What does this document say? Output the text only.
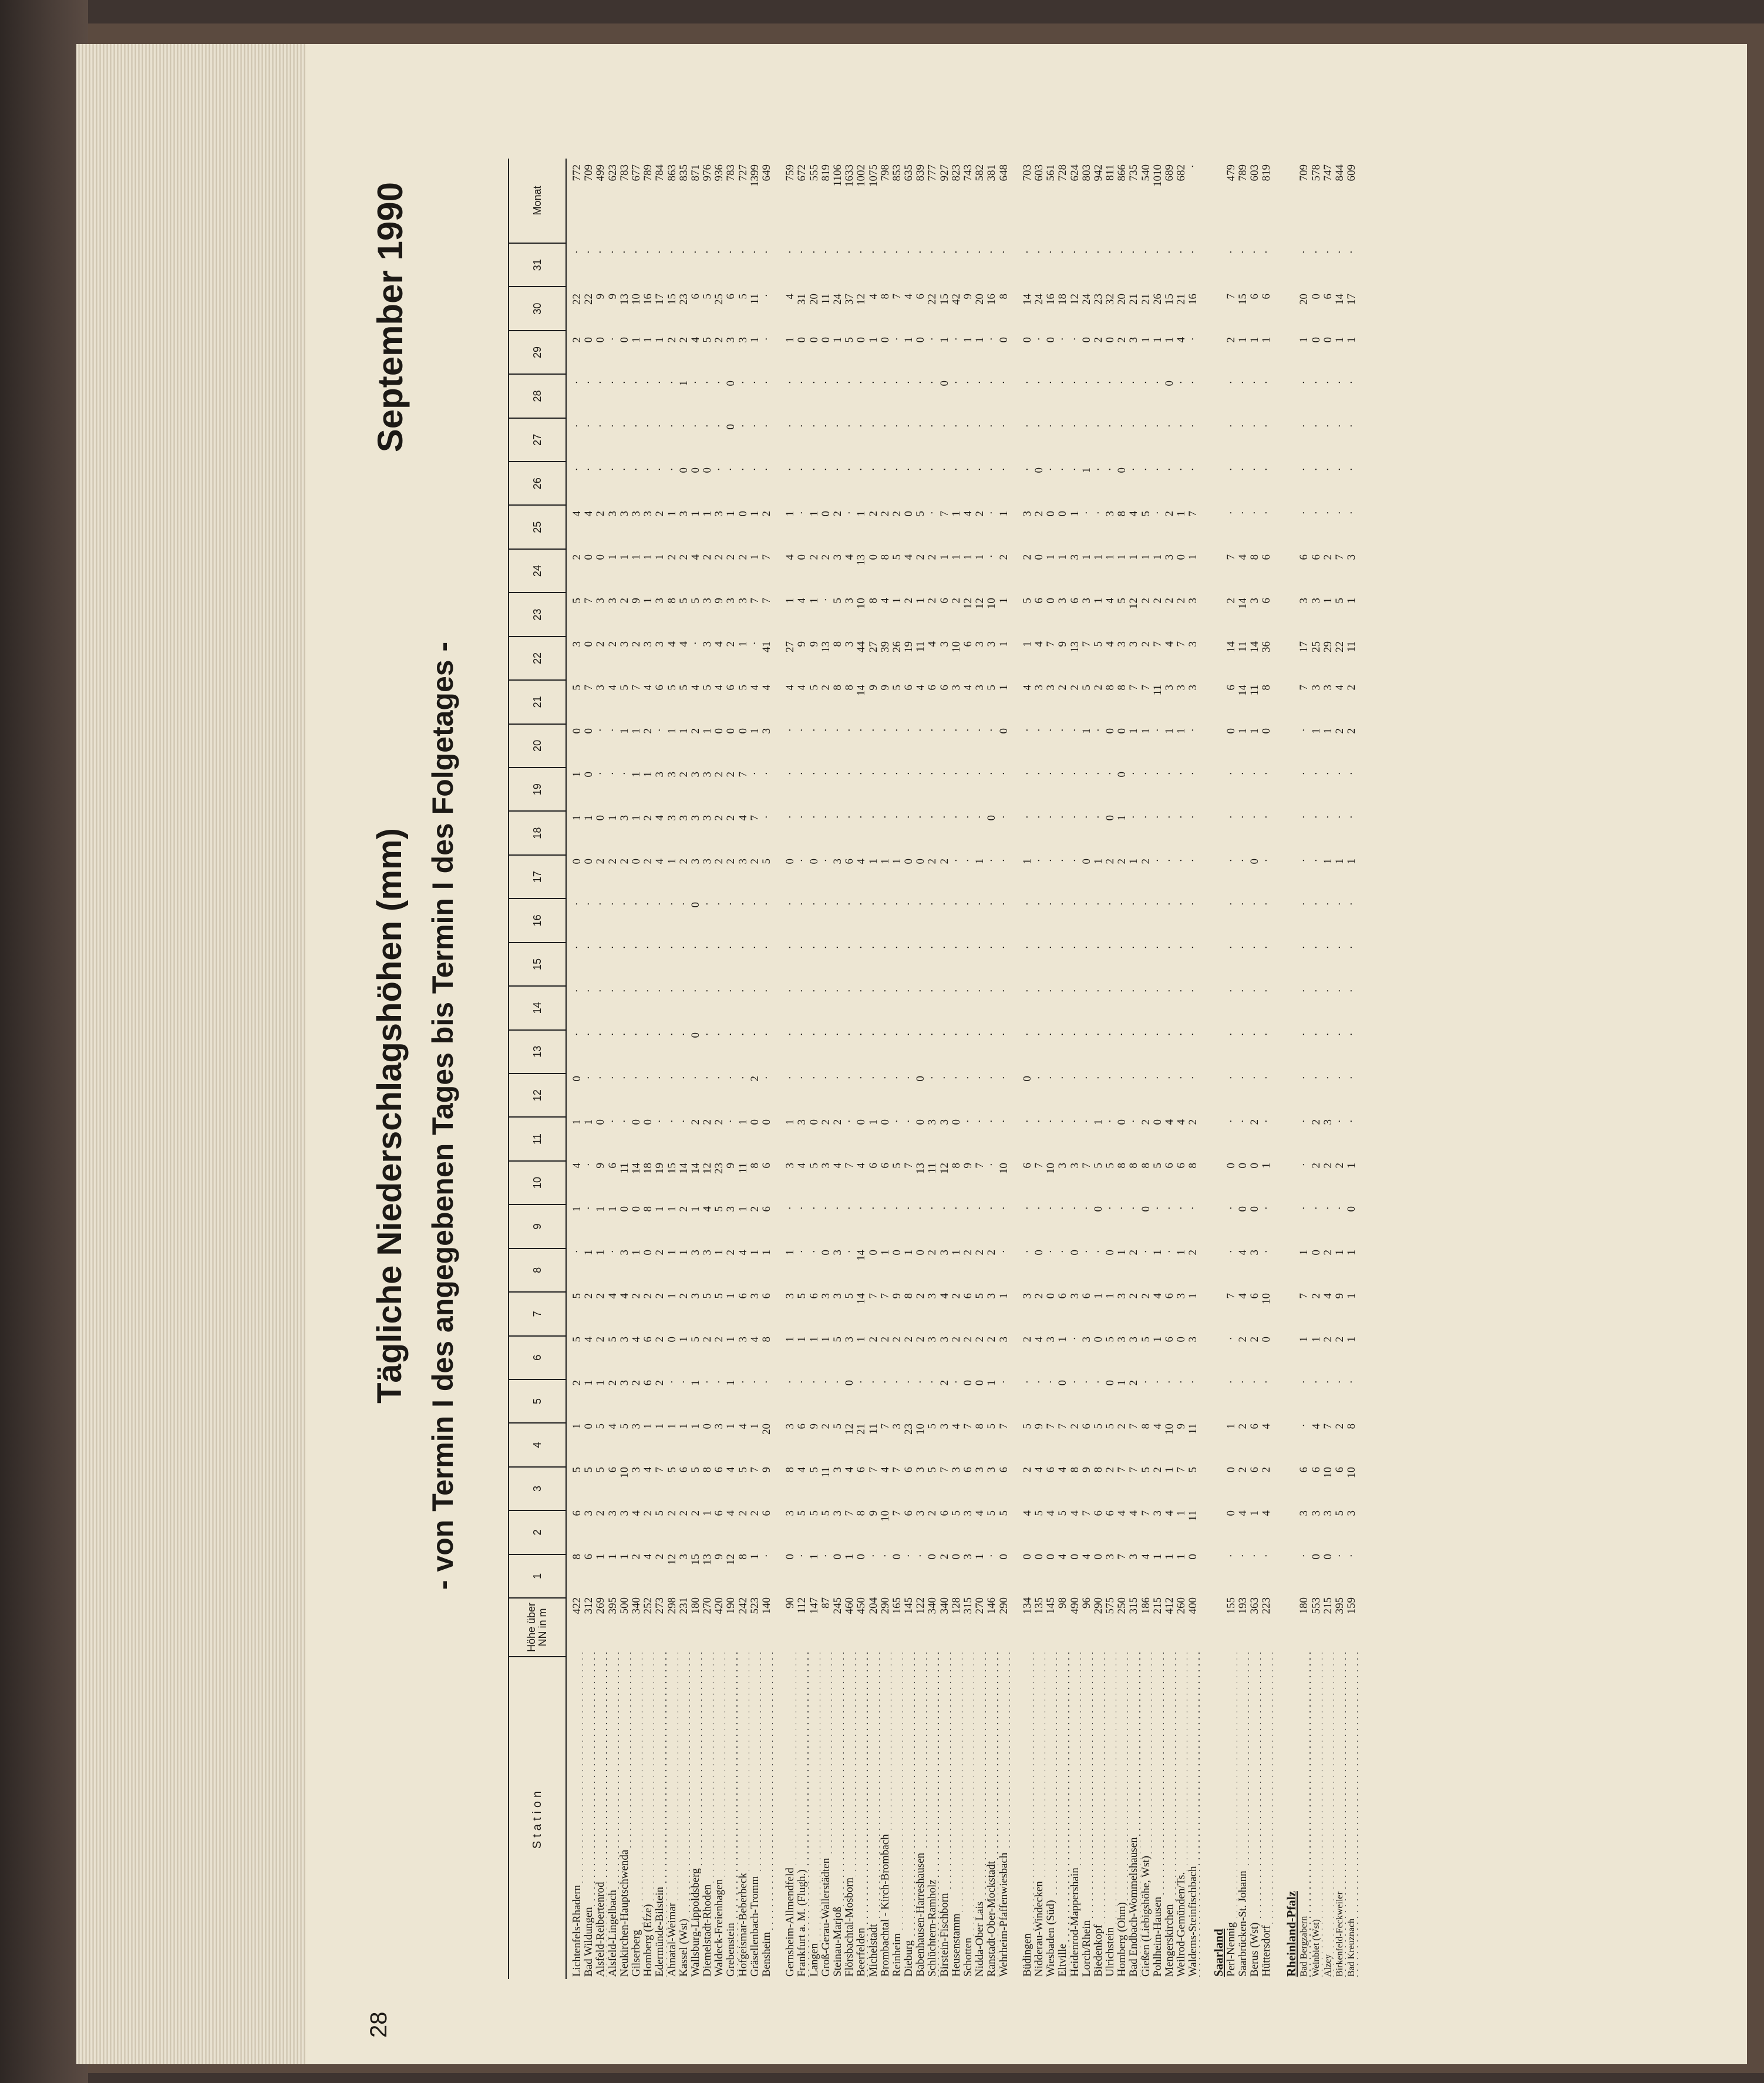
28
Tägliche Niederschlagshöhen (mm) - von Termin I des angegebenen Tages bis Termin I des Folgetages -
September 1990
Station
Höhe über
NN in m
1
2
3
4
5
6
7
8
9
10
11
12
13
14
15
16
17
18
19
20
21
22
23
24
25
26
27
28
29
30
31
Monat
Lichtenfels-Rhadern
422
8
6
5
1
2
5
5
·
1
4
1
0
·
·
·
·
0
1
1
0
5
3
5
2
4
·
·
·
2
22
·
772
Bad Wildungen
312
6
3
5
0
1
4
2
1
·
·
1
·
·
·
·
·
0
1
0
0
7
0
7
0
4
·
·
·
0
22
·
709
Alsfeld-Reibertenrod
269
1
2
5
5
1
2
2
1
1
9
0
·
·
·
·
·
2
0
·
·
3
2
3
0
2
·
·
·
0
9
·
499
Alsfeld-Lingelbach
395
1
3
6
4
2
5
4
·
1
6
·
·
·
·
·
·
2
1
·
·
4
2
3
1
3
·
·
·
·
9
·
623
Neukirchen-Hauptschwenda
500
1
3
10
5
3
3
4
3
0
11
·
·
·
·
·
·
2
3
·
1
5
3
2
1
3
·
·
·
0
13
·
783
Gilserberg
340
2
4
3
3
2
4
2
1
0
14
0
·
·
·
·
·
0
1
1
1
7
2
9
1
3
·
·
·
1
10
·
677
Homberg (Efze)
252
4
2
4
1
6
6
2
0
8
18
0
·
·
·
·
·
2
2
1
2
4
3
1
1
3
·
·
·
1
16
·
789
Edermünde-Bilstein
273
2
5
7
1
2
2
2
2
1
19
·
·
·
·
·
·
4
4
3
·
6
3
3
1
2
·
·
·
1
17
·
784
Ahnatal-Weimar
298
12
2
5
1
·
0
1
1
1
15
·
·
·
·
·
·
1
3
3
1
5
4
8
2
1
·
·
·
2
15
·
863
Kassel (Wst)
231
3
2
6
1
·
1
2
1
2
14
·
·
·
·
·
·
2
3
2
1
5
4
5
2
3
0
·
1
2
23
·
835
Wallsburg-Lippoldsberg
180
15
2
5
1
1
5
3
3
1
14
2
·
0
·
·
0
3
3
3
2
4
·
5
4
1
0
·
·
4
6
·
871
Diemelstadt-Rhoden
270
13
1
8
0
·
2
5
3
4
12
2
·
·
·
·
·
3
3
3
1
5
3
3
2
1
0
·
·
5
5
·
976
Waldeck-Freienhagen
420
9
6
6
3
·
2
5
1
5
23
2
·
·
·
·
·
2
2
2
0
4
4
9
2
3
·
·
·
2
25
·
936
Grebenstein
190
12
4
4
1
1
1
1
2
3
9
·
·
·
·
·
·
2
2
2
0
6
2
3
2
1
·
0
0
3
6
·
783
Hofgeismar-Beberbeck
242
8
2
5
4
·
3
6
4
1
11
1
·
·
·
·
·
3
4
7
0
5
1
3
2
0
·
·
·
3
5
·
727
Gräsellenbach-Tromm
523
1
2
7
1
·
4
3
1
2
8
0
2
·
·
·
·
2
7
·
1
4
·
7
1
1
·
·
·
1
11
·
1399
Bensheim
140
·
6
9
20
·
8
6
1
6
6
0
·
·
·
·
·
5
·
·
3
4
41
7
7
2
·
·
·
·
·
·
649
Gernsheim-Allmendfeld
90
0
3
8
3
·
1
3
1
·
3
1
·
·
·
·
·
0
·
·
·
4
27
1
4
1
·
·
·
1
4
·
759
Frankfurt a. M. (Flugh.)
112
·
5
4
6
·
1
5
·
·
4
3
·
·
·
·
·
·
·
·
·
4
9
4
0
·
·
·
·
0
31
·
672
Langen
147
1
5
5
9
·
1
6
·
·
5
0
·
·
·
·
·
0
·
·
·
5
9
1
2
1
·
·
·
0
20
·
555
Groß-Gerau-Wallerstädten
87
·
5
11
2
·
1
3
0
·
3
2
·
·
·
·
·
·
·
·
·
2
13
·
2
0
·
·
·
0
11
·
819
Steinau-Marjoß
245
0
3
3
5
·
5
3
3
·
4
2
·
·
·
·
·
3
·
·
·
8
8
5
3
2
·
·
·
1
24
·
1106
Flörsbachtal-Mosborn
460
1
7
4
12
0
3
5
·
·
7
·
·
·
·
·
·
6
·
·
·
8
3
3
4
·
·
·
·
5
37
·
1633
Beerfelden
450
0
8
6
21
·
1
14
14
·
4
0
·
·
·
·
·
4
·
·
·
14
44
10
13
1
·
·
·
0
12
·
1002
Michelstadt
204
·
9
7
11
·
2
7
0
·
6
1
·
·
·
·
·
1
·
·
·
9
27
8
0
2
·
·
·
1
4
·
1075
Brombachtal - Kirch-Brombach
290
·
10
4
7
·
2
7
1
·
6
0
·
·
·
·
·
1
·
·
·
9
39
4
8
2
·
·
·
0
8
·
798
Reinheim
165
0
7
7
3
·
2
9
0
·
5
·
·
·
·
·
·
1
·
·
·
5
26
1
5
2
·
·
·
·
7
·
853
Dieburg
145
·
6
6
23
·
2
8
1
·
7
·
·
·
·
·
·
0
·
·
·
6
19
2
4
0
·
·
·
1
4
·
635
Babenhausen-Harreshausen
122
·
3
3
10
·
2
2
0
·
13
0
0
·
·
·
·
0
·
·
·
4
11
1
2
5
·
·
·
0
6
·
839
Schlüchtern-Ramholz
340
0
2
5
5
·
3
3
2
·
11
3
·
·
·
·
·
2
·
·
·
6
4
2
2
·
·
·
·
·
22
·
777
Birstein-Fischborn
340
2
6
7
3
2
3
4
3
·
12
3
·
·
·
·
·
2
·
·
·
6
3
6
1
7
·
·
0
1
15
·
927
Heusenstamm
128
0
5
3
4
·
2
2
1
·
8
0
·
·
·
·
·
·
·
·
·
3
10
2
1
1
·
·
·
·
42
·
823
Schotten
315
3
3
6
7
0
2
6
2
·
9
·
·
·
·
·
·
·
·
·
·
4
6
12
1
4
·
·
·
1
9
·
743
Nidda-Ober Lais
270
1
4
3
8
0
2
5
2
·
7
·
·
·
·
·
·
1
·
·
·
3
3
12
1
2
·
·
·
1
20
·
582
Ranstadt-Ober-Mockstadt
146
·
5
3
5
1
2
3
2
·
·
·
·
·
·
·
·
·
0
·
·
5
3
10
·
·
·
·
·
·
16
·
381
Wehrheim-Pfaffenwiesbach
290
0
5
6
7
·
3
1
·
·
10
·
·
·
·
·
·
·
·
·
0
1
1
1
2
1
·
·
·
0
8
·
648
Büdingen
134
0
4
2
5
·
2
3
·
·
6
·
0
·
·
·
·
1
·
·
·
4
1
5
2
3
·
·
·
0
14
·
703
Nidderau-Windecken
135
0
5
4
9
·
4
2
0
·
7
·
·
·
·
·
·
·
·
·
·
3
4
6
0
2
0
·
·
·
24
·
603
Wiesbaden (Süd)
145
0
4
6
7
·
3
0
·
·
10
·
·
·
·
·
·
·
·
·
·
3
7
0
1
0
·
·
·
0
16
·
561
Eltville
98
4
5
4
7
0
1
6
·
·
3
·
·
·
·
·
·
·
·
·
·
2
9
3
1
0
·
·
·
·
18
·
728
Heidenrod-Mappershain
490
0
4
8
2
·
·
3
0
·
3
·
·
·
·
·
·
·
·
·
·
2
13
6
3
1
·
·
·
·
12
·
624
Lorch/Rhein
96
4
7
9
6
·
3
6
·
·
7
·
·
·
·
·
·
0
·
·
1
5
7
3
1
·
1
·
·
0
24
·
803
Biedenkopf
290
0
6
8
5
·
0
1
·
0
5
1
·
·
·
·
·
1
·
·
·
2
5
1
1
·
·
·
·
2
23
·
942
Ulrichstein
575
3
6
2
5
0
5
1
0
·
5
·
·
·
·
·
·
2
0
·
0
8
4
4
1
3
·
·
·
0
32
·
811
Homberg (Ohm)
250
7
4
7
2
1
3
3
1
·
8
0
·
·
·
·
·
2
1
0
0
8
3
5
1
8
0
·
·
2
20
·
866
Bad Endbach-Wommelshausen
315
3
4
7
7
2
3
2
2
·
8
·
·
·
·
·
·
1
·
·
1
7
3
12
1
4
·
·
·
3
21
·
735
Gießen (Liebigshöhe, Wst)
186
4
7
5
8
·
5
2
·
0
8
2
·
·
·
·
·
2
·
·
1
7
2
2
1
5
·
·
·
1
21
·
540
Pohlheim-Hausen
215
1
3
2
4
·
1
4
1
·
5
0
·
·
·
·
·
·
·
·
·
11
7
2
1
·
·
·
·
1
26
·
1010
Mengerskirchen
412
1
4
1
10
·
6
6
·
·
6
4
·
·
·
·
·
·
·
·
1
3
4
2
3
2
·
·
0
1
15
·
689
Weilrod-Gemünden/Ts.
260
1
1
7
9
·
0
3
1
·
6
4
·
·
·
·
·
·
·
·
1
3
7
2
0
1
·
·
·
4
21
·
682
Waldems-Steinfischbach
400
0
11
5
11
·
3
1
2
·
8
2
·
·
·
·
·
·
·
·
·
3
3
3
1
7
·
·
·
·
16
·
·
Saarland Perl-Nennig
155
·
0
0
1
·
·
7
·
·
0
·
·
·
·
·
·
·
·
·
0
6
14
2
7
·
·
·
·
2
7
·
479
Saarbrücken-St. Johann
193
·
4
2
2
·
2
4
4
0
0
·
·
·
·
·
·
·
·
·
1
14
11
14
4
·
·
·
·
1
15
·
789
Berus (Wst)
363
·
1
6
6
·
2
6
3
0
0
2
·
·
·
·
·
0
·
·
1
11
14
3
8
·
·
·
·
1
6
·
603
Hüttersdorf
223
·
4
2
4
·
0
10
·
·
1
·
·
·
·
·
·
·
·
·
0
8
36
6
6
·
·
·
·
1
6
·
819
Rheinland-Pfalz Bad Bergzabern
180
·
3
6
·
·
1
7
1
·
·
·
·
·
·
·
·
·
·
·
·
7
17
3
6
·
·
·
·
1
20
·
709
Weinbiet (Wst)
553
0
3
6
4
·
1
2
0
·
2
2
·
·
·
·
·
·
·
·
1
3
25
3
6
·
·
·
·
0
0
·
578
Alzey
215
0
3
10
7
·
2
4
2
·
2
3
·
·
·
·
·
1
·
·
1
3
29
1
2
·
·
·
·
0
6
·
747
Birkenfeld-Feckweiler
395
·
5
6
2
·
2
9
1
·
2
·
·
·
·
·
·
1
·
·
2
4
22
5
7
·
·
·
·
1
14
·
844
Bad Kreuznach
159
·
3
10
8
·
1
1
1
0
1
·
·
·
·
·
·
1
·
·
2
2
11
1
3
·
·
·
·
1
17
·
609
